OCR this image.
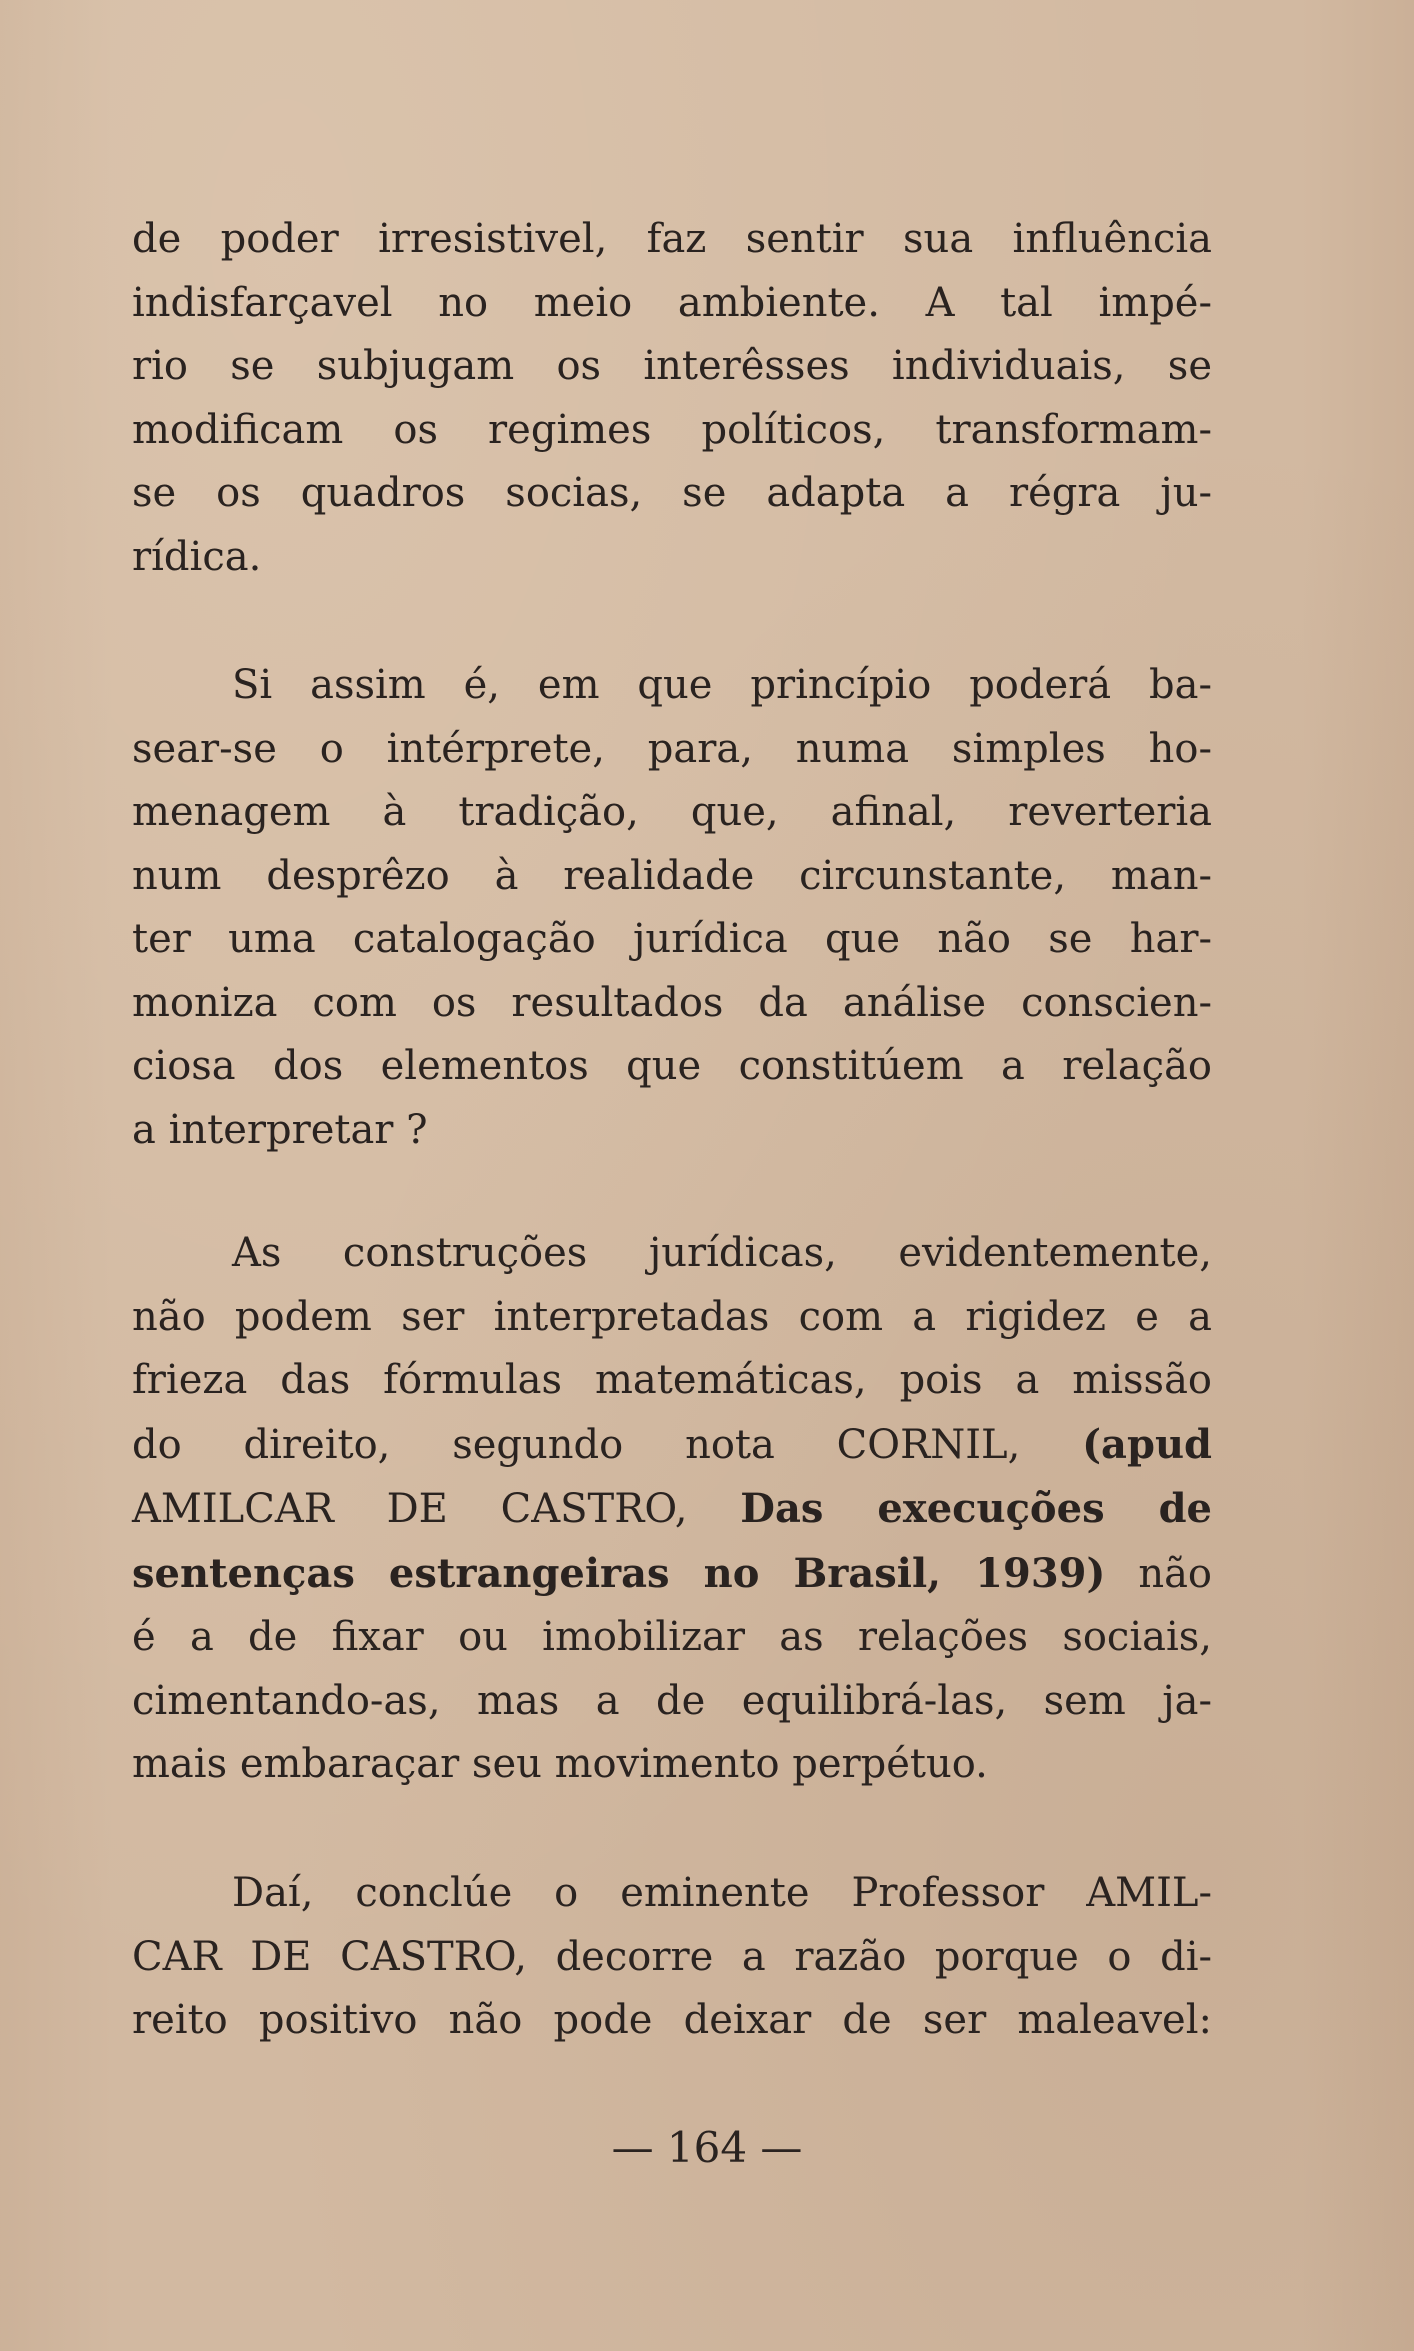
de poder irresistivel, faz sentir sua influência
indisfarçavel no meio ambiente. A tal impé-
rio se subjugam os interêsses individuais, se
modificam os regimes políticos, transformam-
se os quadros socias, se adapta a régra ju-
rídica.

Si assim é, em que princípio poderá ba-
sear-se o intérprete, para, numa simples ho-
menagem à tradição, que, afinal, reverteria
num desprêzo à realidade circunstante, man-
ter uma catalogação jurídica que não se har-
moniza com os resultados da análise conscien-
ciosa dos elementos que constitúem a relação
a interpretar ?

As construções jurídicas, evidentemente,
não podem ser interpretadas com a rigidez e a
frieza das fórmulas matemáticas, pois a missão
do direito, segundo nota CORNIL, (apud
AMILCAR DE CASTRO, Das execuções de
sentenças estrangeiras no Brasil, 1939) não
é a de fixar ou imobilizar as relações sociais,
cimentando-as, mas a de equilibrá-las, sem ja-
mais embaraçar seu movimento perpétuo.

Daí, conclúe o eminente Professor AMIL-
CAR DE CASTRO, decorre a razão porque o di-
reito positivo não pode deixar de ser maleavel:

— 164 —
